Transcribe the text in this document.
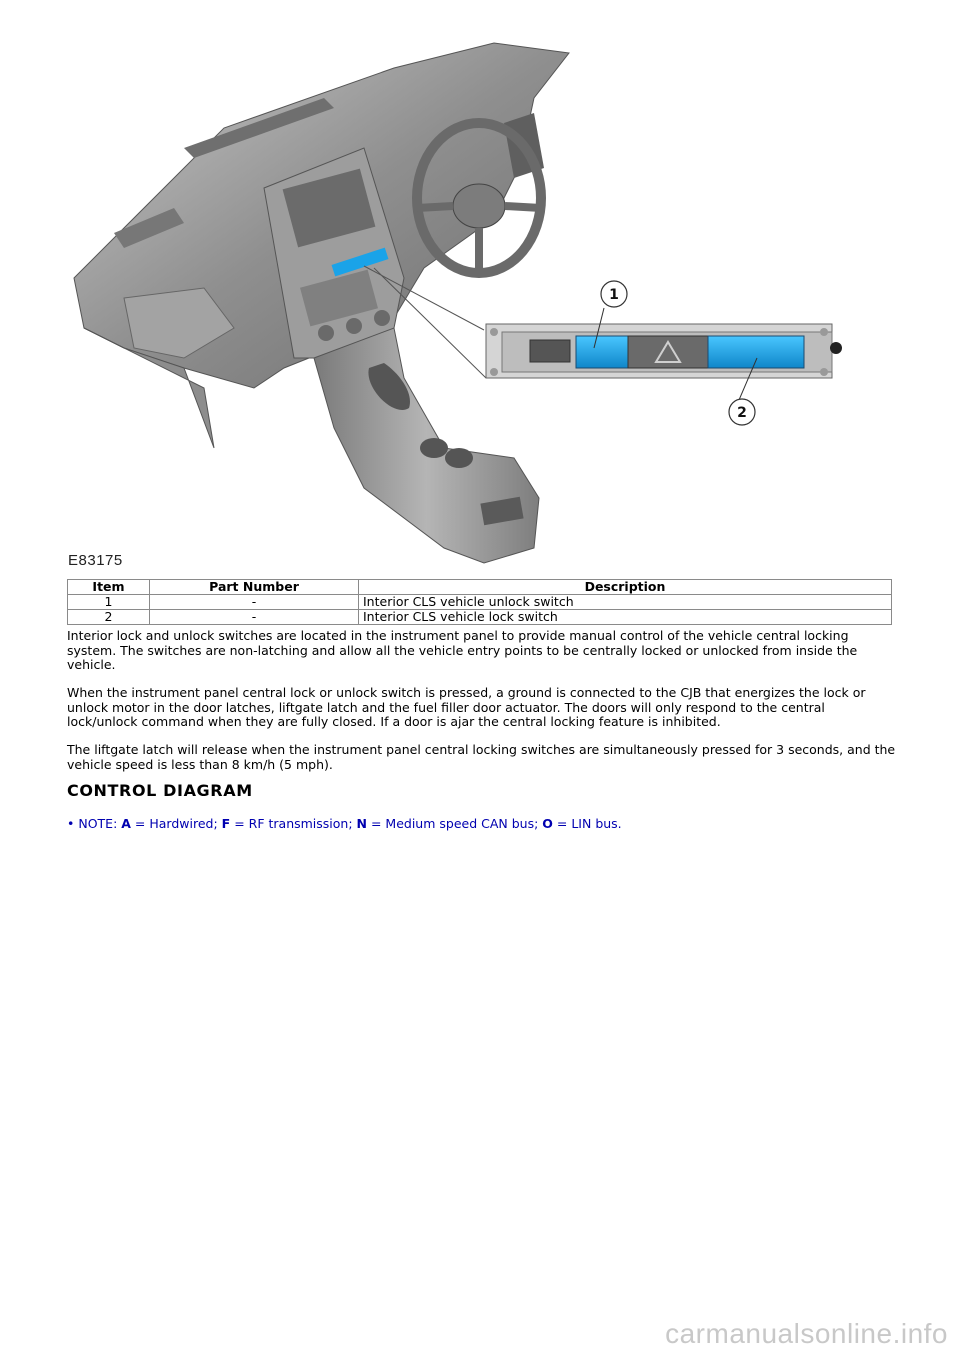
1
2
E83175
Item	Part Number	Description
1	-	Interior CLS vehicle unlock switch
2	-	Interior CLS vehicle lock switch
Interior lock and unlock switches are located in the instrument panel to provide manual control of the vehicle central locking system. The switches are non-latching and allow all the vehicle entry points to be centrally locked or unlocked from inside the vehicle.
When the instrument panel central lock or unlock switch is pressed, a ground is connected to the CJB that energizes the lock or unlock motor in the door latches, liftgate latch and the fuel filler door actuator. The doors will only respond to the central lock/unlock command when they are fully closed. If a door is ajar the central locking feature is inhibited.
The liftgate latch will release when the instrument panel central locking switches are simultaneously pressed for 3 seconds, and the vehicle speed is less than 8 km/h (5 mph).
CONTROL DIAGRAM
• NOTE: A = Hardwired; F = RF transmission; N = Medium speed CAN bus; O = LIN bus.
carmanualsonline.info
